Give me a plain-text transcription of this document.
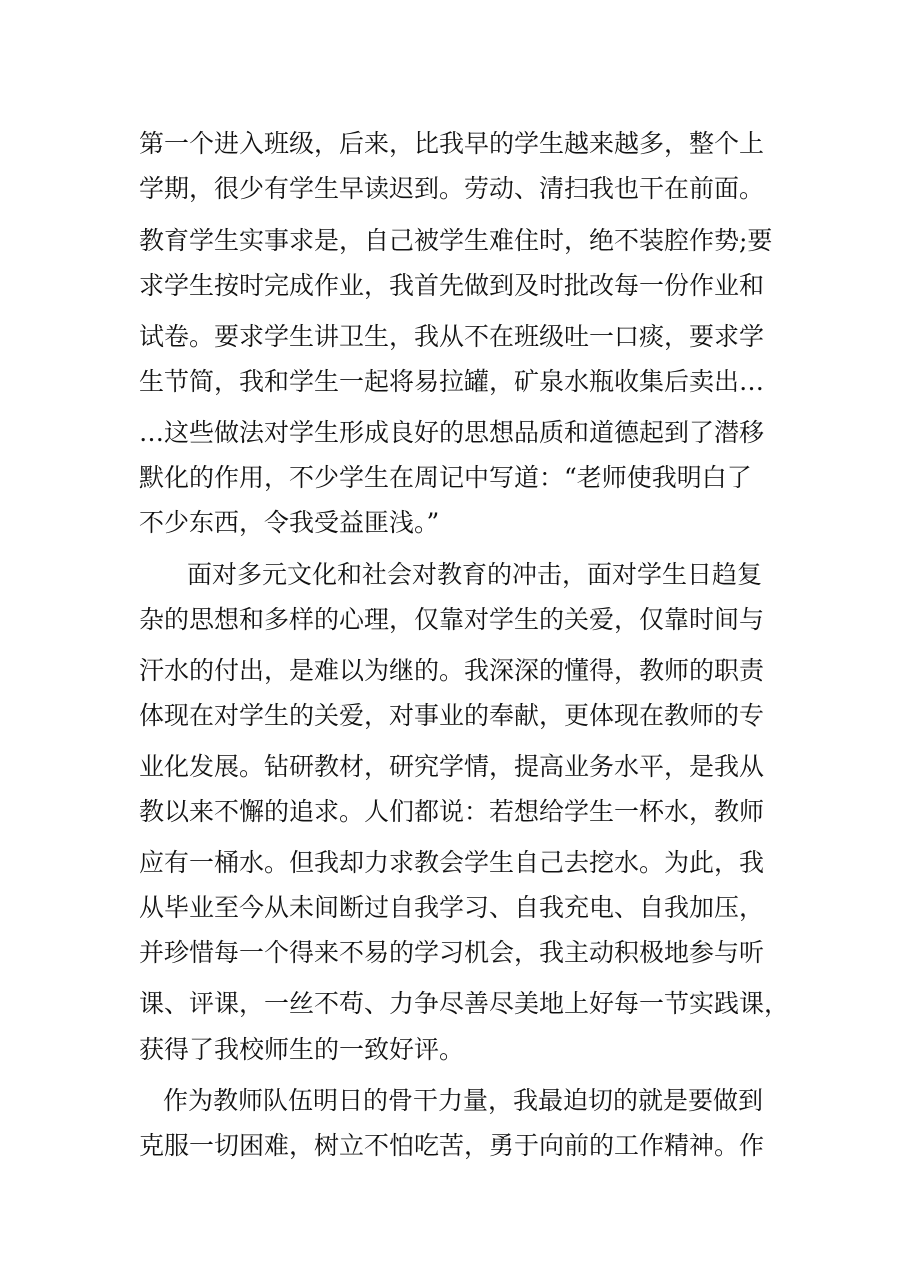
第一个进入班级，后来，比我早的学生越来越多，整个上
学期，很少有学生早读迟到。劳动、清扫我也干在前面。
教育学生实事求是，自己被学生难住时，绝不装腔作势;要
求学生按时完成作业，我首先做到及时批改每一份作业和
试卷。要求学生讲卫生，我从不在班级吐一口痰，要求学
生节简，我和学生一起将易拉罐，矿泉水瓶收集后卖出…
…这些做法对学生形成良好的思想品质和道德起到了潜移
默化的作用，不少学生在周记中写道：“老师使我明白了
不少东西，令我受益匪浅。”
面对多元文化和社会对教育的冲击，面对学生日趋复
杂的思想和多样的心理，仅靠对学生的关爱，仅靠时间与
汗水的付出，是难以为继的。我深深的懂得，教师的职责
体现在对学生的关爱，对事业的奉献，更体现在教师的专
业化发展。钻研教材，研究学情，提高业务水平，是我从
教以来不懈的追求。人们都说：若想给学生一杯水，教师
应有一桶水。但我却力求教会学生自己去挖水。为此，我
从毕业至今从未间断过自我学习、自我充电、自我加压，
并珍惜每一个得来不易的学习机会，我主动积极地参与听
课、评课，一丝不苟、力争尽善尽美地上好每一节实践课，
获得了我校师生的一致好评。
作为教师队伍明日的骨干力量，我最迫切的就是要做到
克服一切困难，树立不怕吃苦，勇于向前的工作精神。作
